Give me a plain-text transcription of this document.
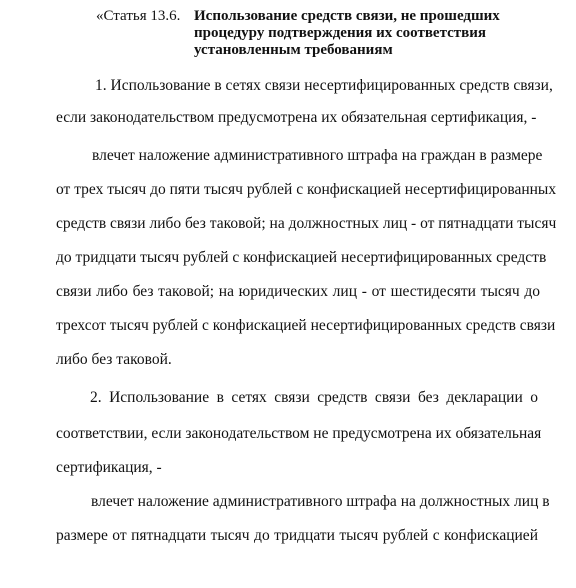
«Статья 13.6. Использование средств связи, не прошедших процедуру подтверждения их соответствия установленным требованиям
1. Использование в сетях связи несертифицированных средств связи,
если законодательством предусмотрена их обязательная сертификация, -
влечет наложение административного штрафа на граждан в размере
от трех тысяч до пяти тысяч рублей с конфискацией несертифицированных
средств связи либо без таковой; на должностных лиц - от пятнадцати тысяч
до тридцати тысяч рублей с конфискацией несертифицированных средств
связи либо без таковой; на юридических лиц - от шестидесяти тысяч до
трехсот тысяч рублей с конфискацией несертифицированных средств связи
либо без таковой.
2. Использование в сетях связи средств связи без декларации о
соответствии, если законодательством не предусмотрена их обязательная
сертификация, -
влечет наложение административного штрафа на должностных лиц в
размере от пятнадцати тысяч до тридцати тысяч рублей с конфискацией
